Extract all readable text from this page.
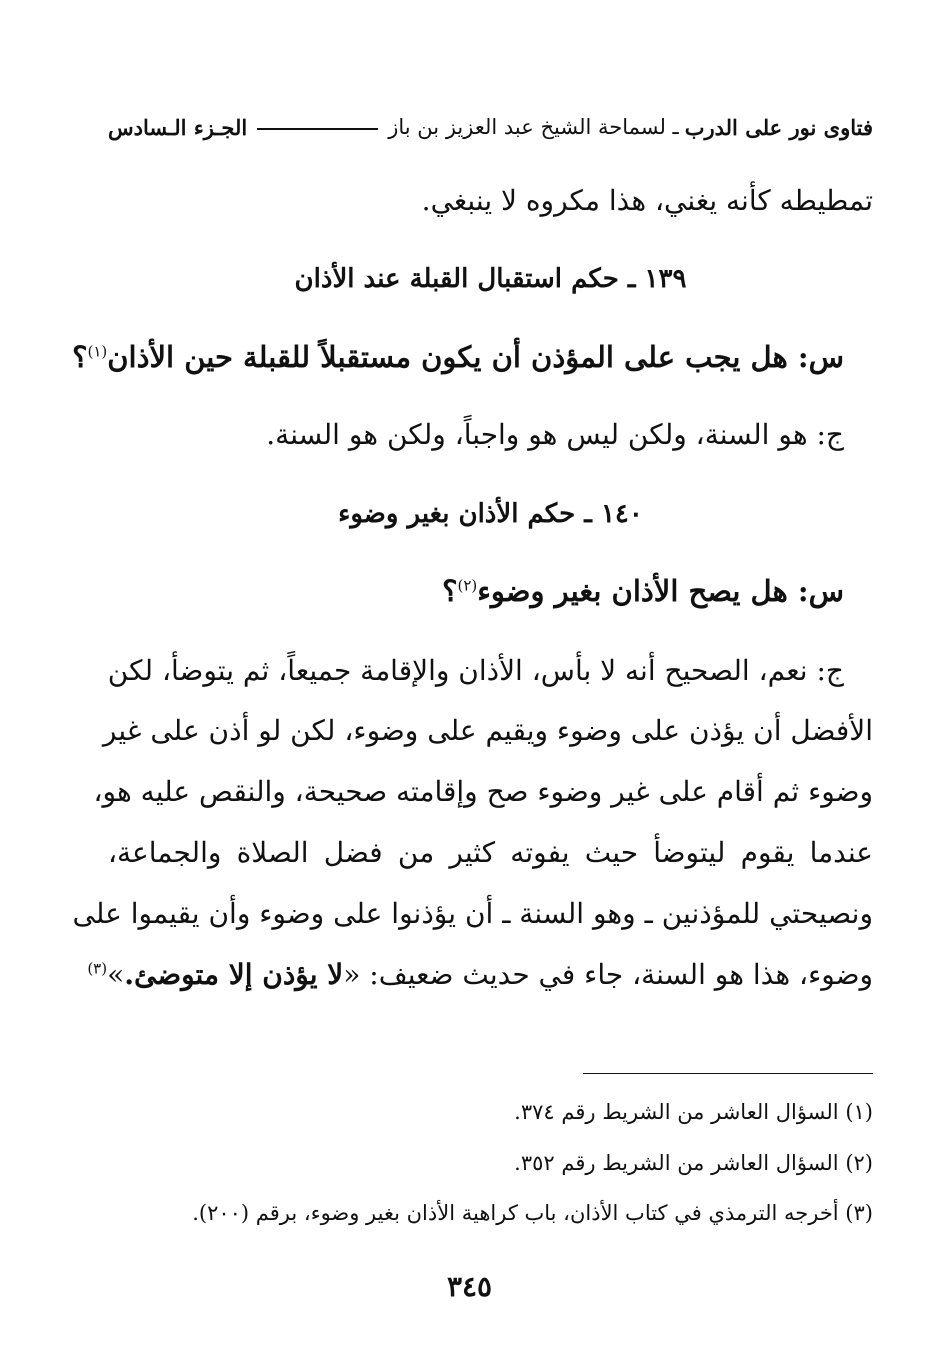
فتاوى نور على الدرب
ـ لسماحة الشيخ عبد العزيز بن باز
الجـزء الـسادس
تمطيطه كأنه يغني، هذا مكروه لا ينبغي.
١٣٩ ـ حكم استقبال القبلة عند الأذان
س: هل يجب على المؤذن أن يكون مستقبلاً للقبلة حين الأذان$^{(١)}$؟
ج: هو السنة، ولكن ليس هو واجباً، ولكن هو السنة.
١٤٠ ـ حكم الأذان بغير وضوء
س: هل يصح الأذان بغير وضوء$^{(٢)}$؟
ج: نعم، الصحيح أنه لا بأس، الأذان والإقامة جميعاً، ثم يتوضأ، لكن
الأفضل أن يؤذن على وضوء ويقيم على وضوء، لكن لو أذن على غير
وضوء ثم أقام على غير وضوء صح وإقامته صحيحة، والنقص عليه هو،
عندما يقوم ليتوضأ حيث يفوته كثير من فضل الصلاة والجماعة،
ونصيحتي للمؤذنين ـ وهو السنة ـ أن يؤذنوا على وضوء وأن يقيموا على
وضوء، هذا هو السنة، جاء في حديث ضعيف: «لا يؤذن إلا متوضئ.»$^{(٣)}$
(١) السؤال العاشر من الشريط رقم ٣٧٤.
(٢) السؤال العاشر من الشريط رقم ٣٥٢.
(٣) أخرجه الترمذي في كتاب الأذان، باب كراهية الأذان بغير وضوء، برقم (٢٠٠).
٣٤٥
